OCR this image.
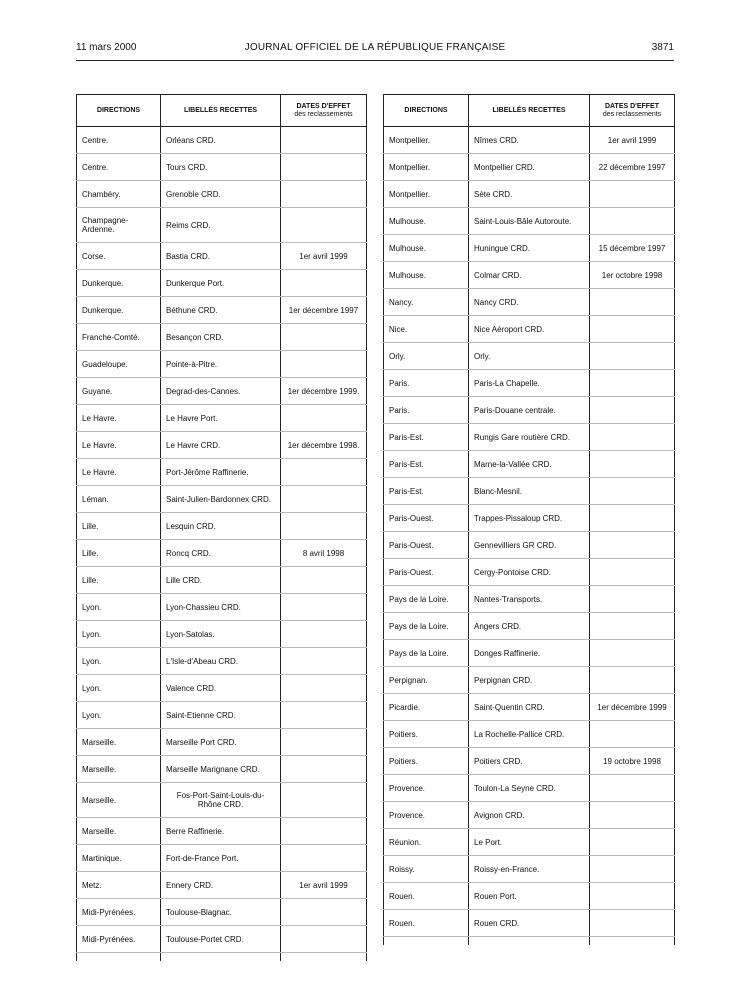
11 mars 2000	JOURNAL OFFICIEL DE LA RÉPUBLIQUE FRANÇAISE	3871
DIRECTIONS	LIBELLÉS RECETTES	DATES D'EFFET
des reclassements

Centre.	Orléans CRD.	
Centre.	Tours CRD.	
Chambéry.	Grenoble CRD.	
Champagne-Ardenne.	Reims CRD.	
Corse.	Bastia CRD.	1er avril 1999
Dunkerque.	Dunkerque Port.	
Dunkerque.	Béthune CRD.	1er décembre 1997
Franche-Comté.	Besançon CRD.	
Guadeloupe.	Pointe-à-Pitre.	
Guyane.	Degrad-des-Cannes.	1er décembre 1999.
Le Havre.	Le Havre Port.	
Le Havre.	Le Havre CRD.	1er décembre 1998.
Le Havre.	Port-Jérôme Raffinerie.	
Léman.	Saint-Julien-Bardonnex CRD.	
Lille.	Lesquin CRD.	
Lille.	Roncq CRD.	8 avril 1998
Lille.	Lille CRD.	
Lyon.	Lyon-Chassieu CRD.	
Lyon.	Lyon-Satolas.	
Lyon.	L'Isle-d'Abeau CRD.	
Lyon.	Valence CRD.	
Lyon.	Saint-Etienne CRD.	
Marseille.	Marseille Port CRD.	
Marseille.	Marseille Marignane CRD.	
Marseille.	Fos-Port-Saint-Louis-du-Rhône CRD.	
Marseille.	Berre Raffinerie.	
Martinique.	Fort-de-France Port.	
Metz.	Ennery CRD.	1er avril 1999
Midi-Pyrénées.	Toulouse-Blagnac.	
Midi-Pyrénées.	Toulouse-Portet CRD.	

DIRECTIONS	LIBELLÉS RECETTES	DATES D'EFFET
des reclassements

Montpellier.	Nîmes CRD.	1er avril 1999
Montpellier.	Montpellier CRD.	22 décembre 1997
Montpellier.	Sète CRD.	
Mulhouse.	Saint-Louis-Bâle Autoroute.	
Mulhouse.	Huningue CRD.	15 décembre 1997
Mulhouse.	Colmar CRD.	1er octobre 1998
Nancy.	Nancy CRD.	
Nice.	Nice Aéroport CRD.	
Orly.	Orly.	
Paris.	Paris-La Chapelle.	
Paris.	Paris-Douane centrale.	
Paris-Est.	Rungis Gare routière CRD.	
Paris-Est.	Marne-la-Vallée CRD.	
Paris-Est.	Blanc-Mesnil.	
Paris-Ouest.	Trappes-Pissaloup CRD.	
Paris-Ouest.	Gennevilliers GR CRD.	
Paris-Ouest.	Cergy-Pontoise CRD.	
Pays de la Loire.	Nantes-Transports.	
Pays de la Loire.	Angers CRD.	
Pays de la Loire.	Donges Raffinerie.	
Perpignan.	Perpignan CRD.	
Picardie.	Saint-Quentin CRD.	1er décembre 1999
Poitiers.	La Rochelle-Pallice CRD.	
Poitiers.	Poitiers CRD.	19 octobre 1998
Provence.	Toulon-La Seyne CRD.	
Provence.	Avignon CRD.	
Réunion.	Le Port.	
Roissy.	Roissy-en-France.	
Rouen.	Rouen Port.	
Rouen.	Rouen CRD.	
